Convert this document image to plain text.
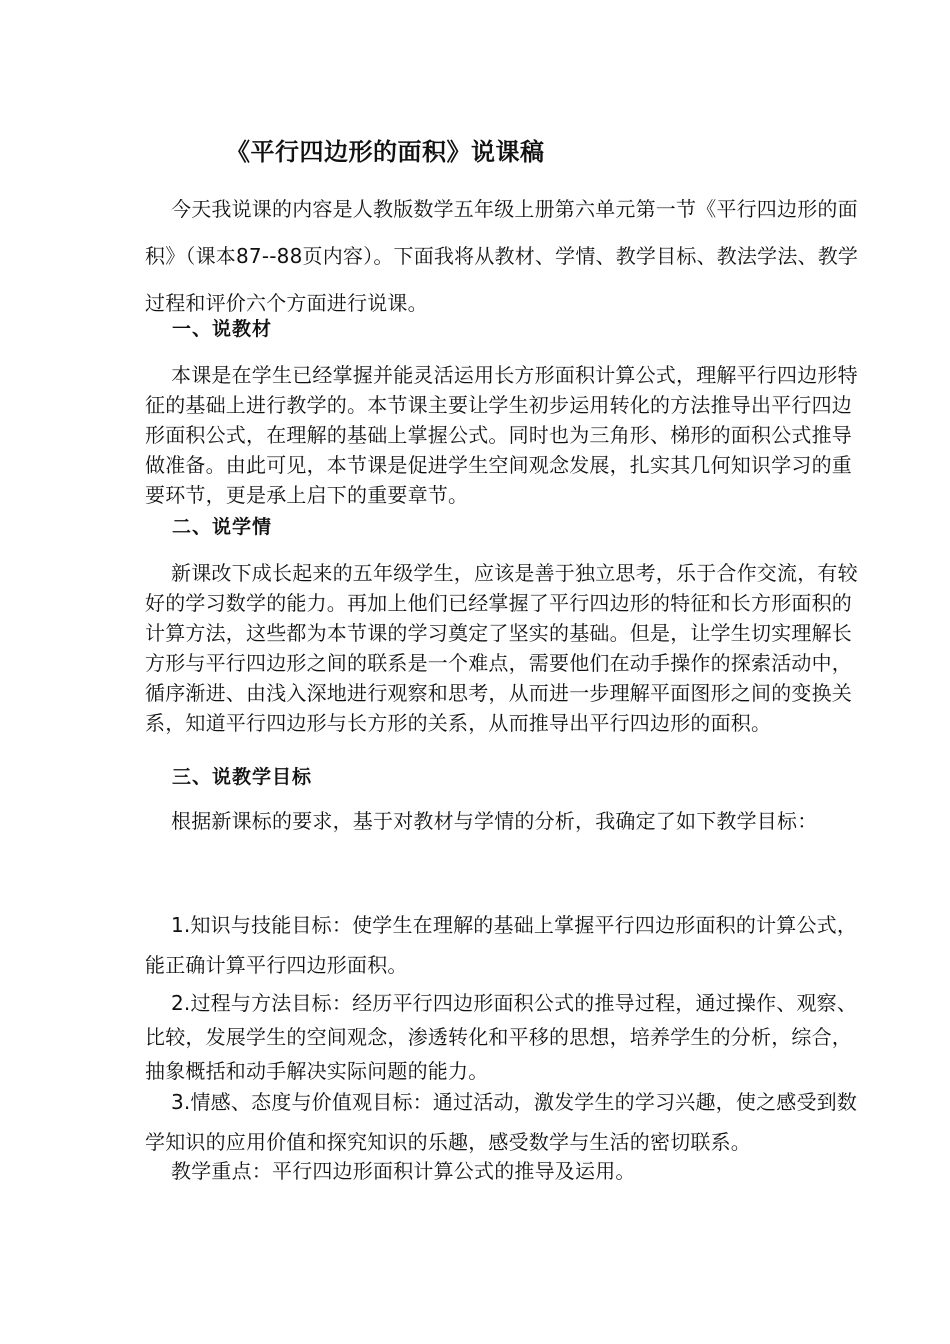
《平行四边形的面积》说课稿
今天我说课的内容是人教版数学五年级上册第六单元第一节《平行四边形的面积》（课本87--88页内容）。下面我将从教材、学情、教学目标、教法学法、教学过程和评价六个方面进行说课。
一、说教材
本课是在学生已经掌握并能灵活运用长方形面积计算公式，理解平行四边形特征的基础上进行教学的。本节课主要让学生初步运用转化的方法推导出平行四边形面积公式，在理解的基础上掌握公式。同时也为三角形、梯形的面积公式推导做准备。由此可见，本节课是促进学生空间观念发展，扎实其几何知识学习的重要环节，更是承上启下的重要章节。
二、说学情
新课改下成长起来的五年级学生，应该是善于独立思考，乐于合作交流，有较好的学习数学的能力。再加上他们已经掌握了平行四边形的特征和长方形面积的计算方法，这些都为本节课的学习奠定了坚实的基础。但是，让学生切实理解长方形与平行四边形之间的联系是一个难点，需要他们在动手操作的探索活动中，循序渐进、由浅入深地进行观察和思考，从而进一步理解平面图形之间的变换关系，知道平行四边形与长方形的关系，从而推导出平行四边形的面积。
三、说教学目标
根据新课标的要求，基于对教材与学情的分析，我确定了如下教学目标：
1.知识与技能目标：使学生在理解的基础上掌握平行四边形面积的计算公式，能正确计算平行四边形面积。
2.过程与方法目标：经历平行四边形面积公式的推导过程，通过操作、观察、比较，发展学生的空间观念，渗透转化和平移的思想，培养学生的分析，综合，抽象概括和动手解决实际问题的能力。
3.情感、态度与价值观目标：通过活动，激发学生的学习兴趣，使之感受到数学知识的应用价值和探究知识的乐趣，感受数学与生活的密切联系。
教学重点：平行四边形面积计算公式的推导及运用。
